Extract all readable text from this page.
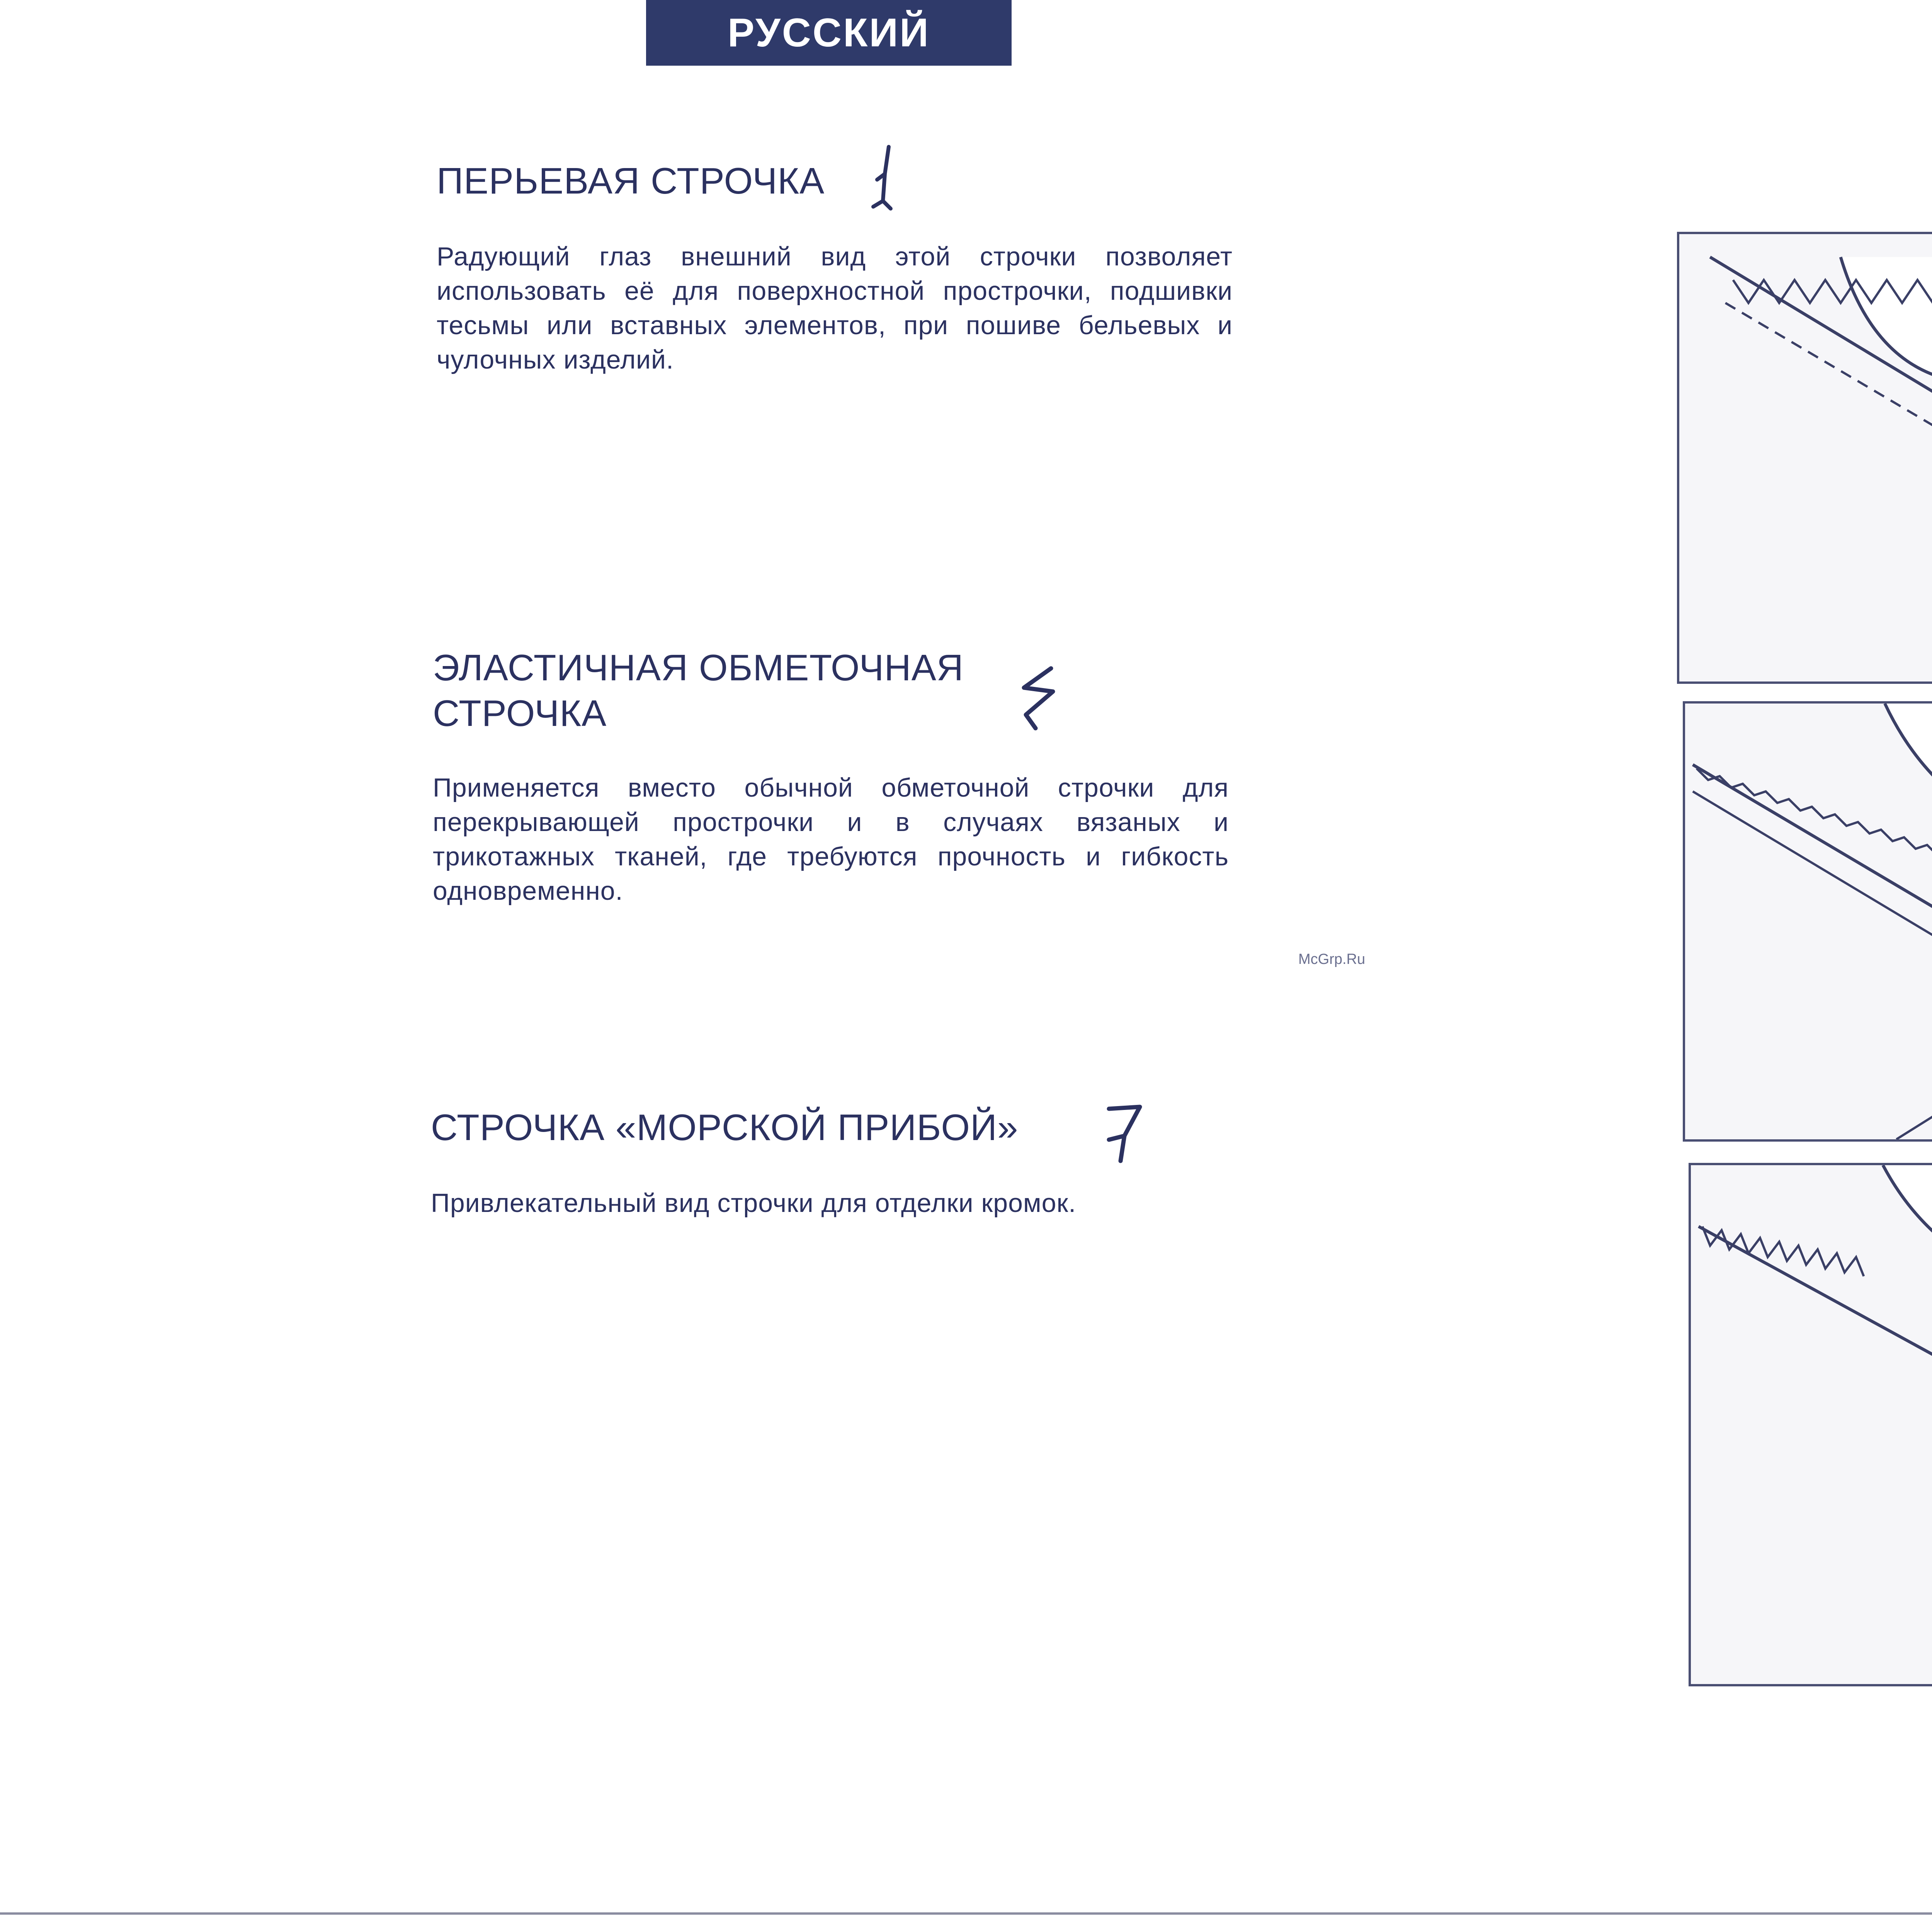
РУССКИЙ
ПЕРЬЕВАЯ СТРОЧКА

Радующий глаз внешний вид этой строчки позволяет использовать её для поверхностной прострочки, подшивки тесьмы или вставных элементов, при пошиве бельевых и чулочных изделий.

ЭЛАСТИЧНАЯ ОБМЕТОЧНАЯ
СТРОЧКА

Применяется вместо обычной обметочной строчки для перекрывающей прострочки и в случаях вязаных и трикотажных тканей, где требуются прочность и гибкость одновременно.

СТРОЧКА «МОРСКОЙ ПРИБОЙ»

Привлекательный вид строчки для отделки кромок.

McGrp.Ru
